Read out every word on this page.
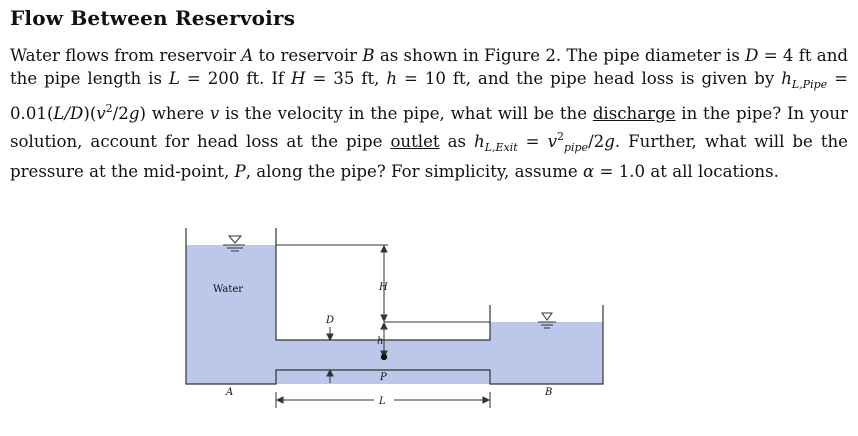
Flow Between Reservoirs
Water flows from reservoir A to reservoir B as shown in Figure 2. The pipe diameter is D = 4 ft and the pipe length is L = 200 ft. If H = 35 ft, h = 10 ft, and the pipe head loss is given by $h_{L,Pipe} = 0.01(L/D)(v^2/2g)$ where v is the velocity in the pipe, what will be the discharge in the pipe? In your solution, account for head loss at the pipe outlet as $h_{L,Exit} = v^2_{pipe}/2g$. Further, what will be the pressure at the mid-point, P, along the pipe? For simplicity, assume α = 1.0 at all locations.
H
h
P
D
L
Water
A	B
